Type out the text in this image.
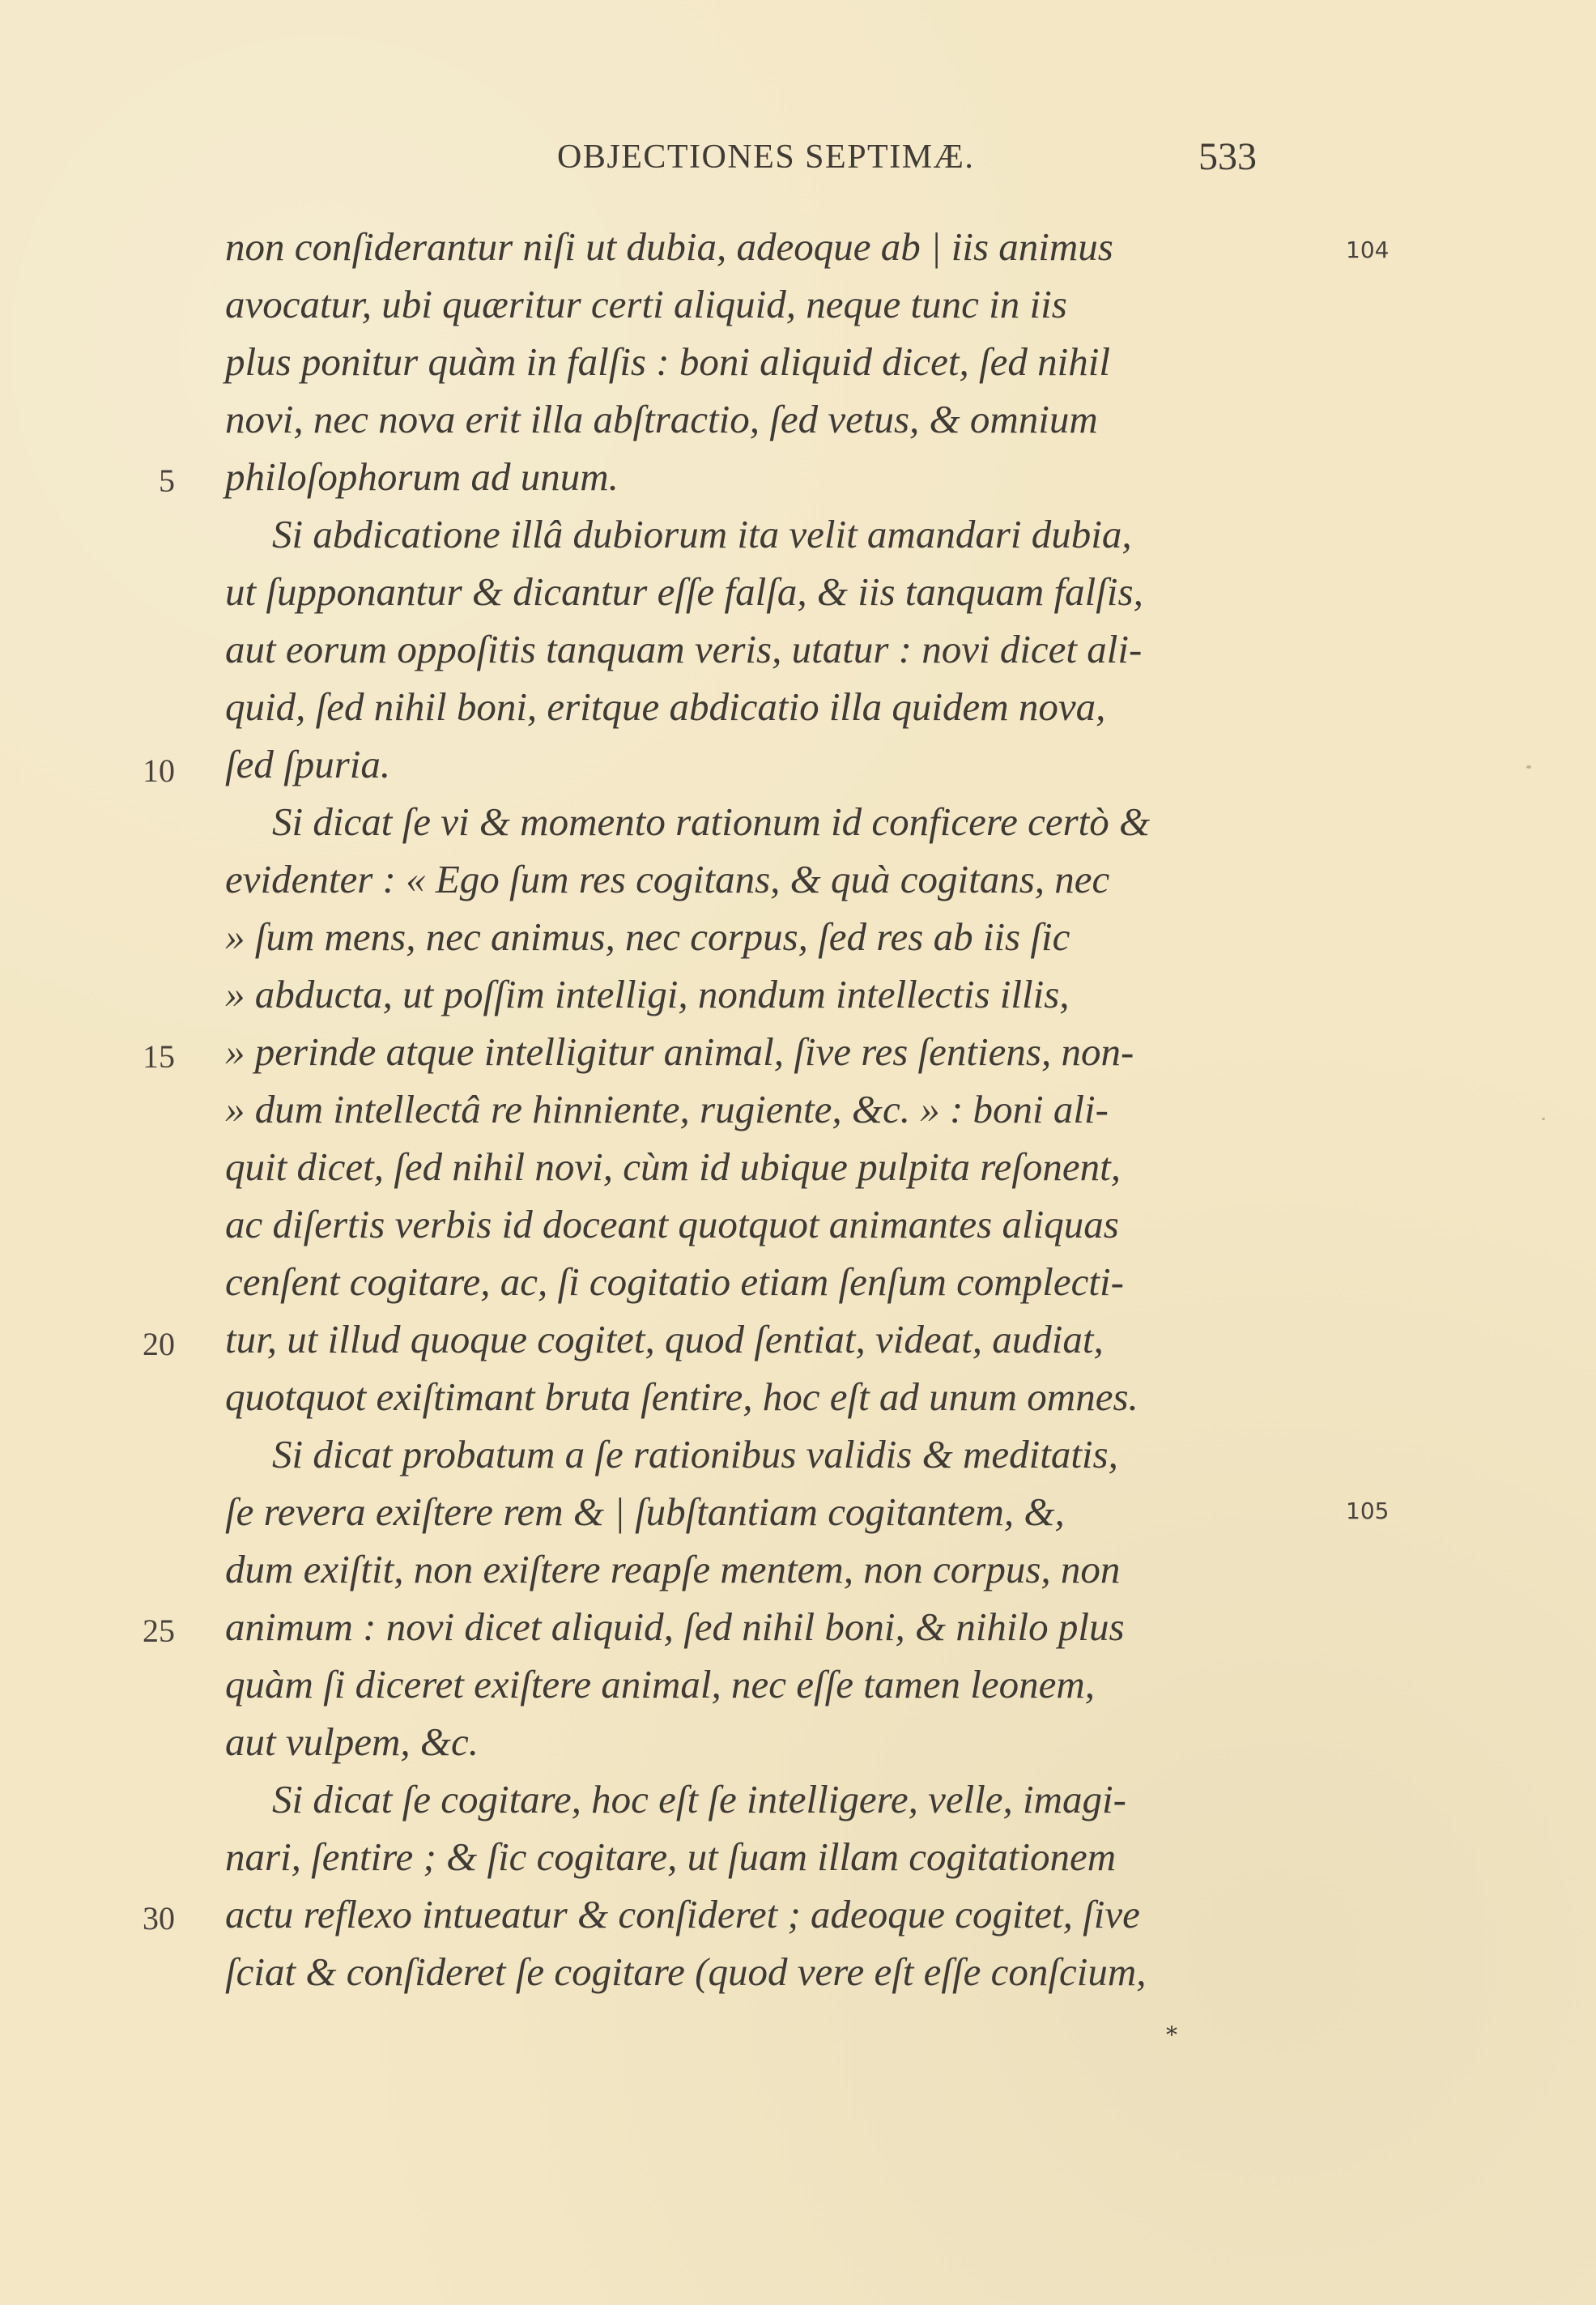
OBJECTIONES SEPTIMÆ.	533
104
105
5
10
15
20
25
30
non conſiderantur niſi ut dubia, adeoque ab | iis animus
avocatur, ubi quæritur certi aliquid, neque tunc in iis
plus ponitur quàm in falſis : boni aliquid dicet, ſed nihil
novi, nec nova erit illa abſtractio, ſed vetus, & omnium
philoſophorum ad unum.
Si abdicatione illâ dubiorum ita velit amandari dubia,
ut ſupponantur & dicantur eſſe falſa, & iis tanquam falſis,
aut eorum oppoſitis tanquam veris, utatur : novi dicet ali-
quid, ſed nihil boni, eritque abdicatio illa quidem nova,
ſed ſpuria.
Si dicat ſe vi & momento rationum id conficere certò &
evidenter : « Ego ſum res cogitans, & quà cogitans, nec
» ſum mens, nec animus, nec corpus, ſed res ab iis ſic
» abducta, ut poſſim intelligi, nondum intellectis illis,
» perinde atque intelligitur animal, ſive res ſentiens, non-
» dum intellectâ re hinniente, rugiente, &c. » : boni ali-
quit dicet, ſed nihil novi, cùm id ubique pulpita reſonent,
ac diſertis verbis id doceant quotquot animantes aliquas
cenſent cogitare, ac, ſi cogitatio etiam ſenſum complecti-
tur, ut illud quoque cogitet, quod ſentiat, videat, audiat,
quotquot exiſtimant bruta ſentire, hoc eſt ad unum omnes.
Si dicat probatum a ſe rationibus validis & meditatis,
ſe revera exiſtere rem & | ſubſtantiam cogitantem, &,
dum exiſtit, non exiſtere reapſe mentem, non corpus, non
animum : novi dicet aliquid, ſed nihil boni, & nihilo plus
quàm ſi diceret exiſtere animal, nec eſſe tamen leonem,
aut vulpem, &c.
Si dicat ſe cogitare, hoc eſt ſe intelligere, velle, imagi-
nari, ſentire ; & ſic cogitare, ut ſuam illam cogitationem
actu reflexo intueatur & conſideret ; adeoque cogitet, ſive
ſciat & conſideret ſe cogitare (quod vere eſt eſſe conſcium,
*
